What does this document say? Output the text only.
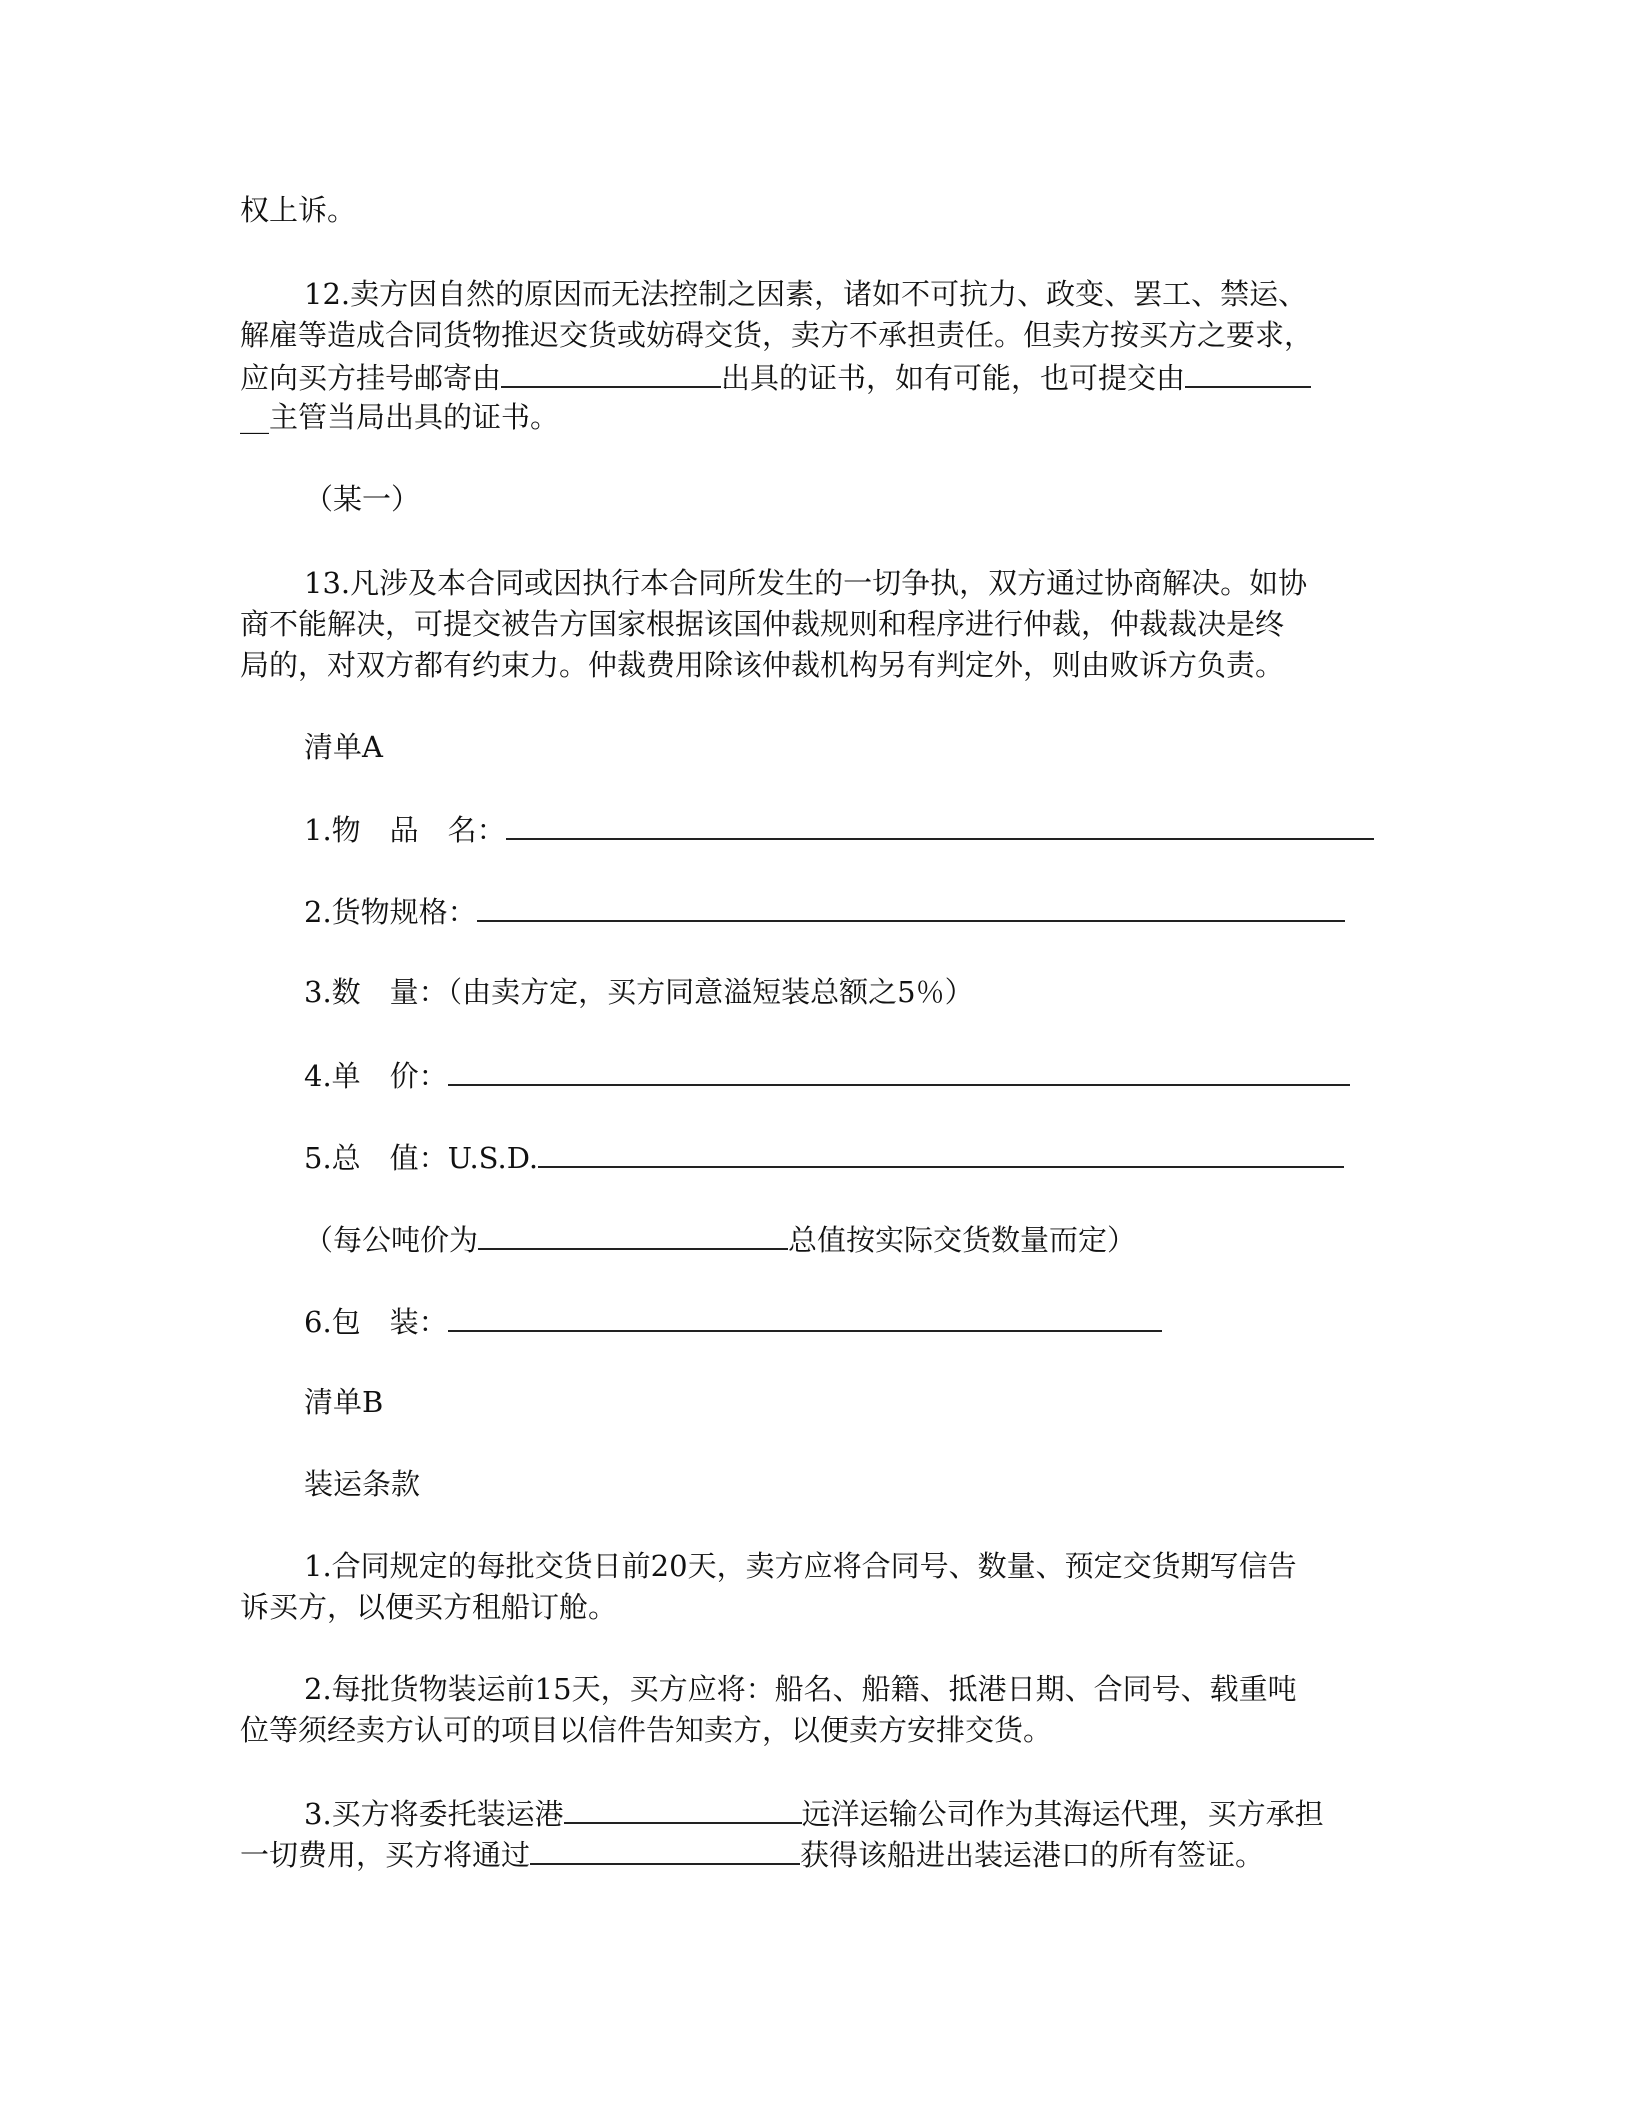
权上诉。
12.卖方因自然的原因而无法控制之因素，诸如不可抗力、政变、罢工、禁运、
解雇等造成合同货物推迟交货或妨碍交货，卖方不承担责任。但卖方按买方之要求，
应向买方挂号邮寄由	出具的证书，如有可能，也可提交由
__主管当局出具的证书。
（某一）
13.凡涉及本合同或因执行本合同所发生的一切争执，双方通过协商解决。如协
商不能解决，可提交被告方国家根据该国仲裁规则和程序进行仲裁，仲裁裁决是终
局的，对双方都有约束力。仲裁费用除该仲裁机构另有判定外，则由败诉方负责。
清单A
1.物　品　名：
2.货物规格：
3.数　量：（由卖方定，买方同意溢短装总额之5％）
4.单　价：
5.总　值：U.S.D.
（每公吨价为	总值按实际交货数量而定）
6.包　装：
清单B
装运条款
1.合同规定的每批交货日前20天，卖方应将合同号、数量、预定交货期写信告
诉买方，以便买方租船订舱。
2.每批货物装运前15天，买方应将：船名、船籍、抵港日期、合同号、载重吨
位等须经卖方认可的项目以信件告知卖方，以便卖方安排交货。
3.买方将委托装运港	远洋运输公司作为其海运代理，买方承担
一切费用，买方将通过	获得该船进出装运港口的所有签证。
